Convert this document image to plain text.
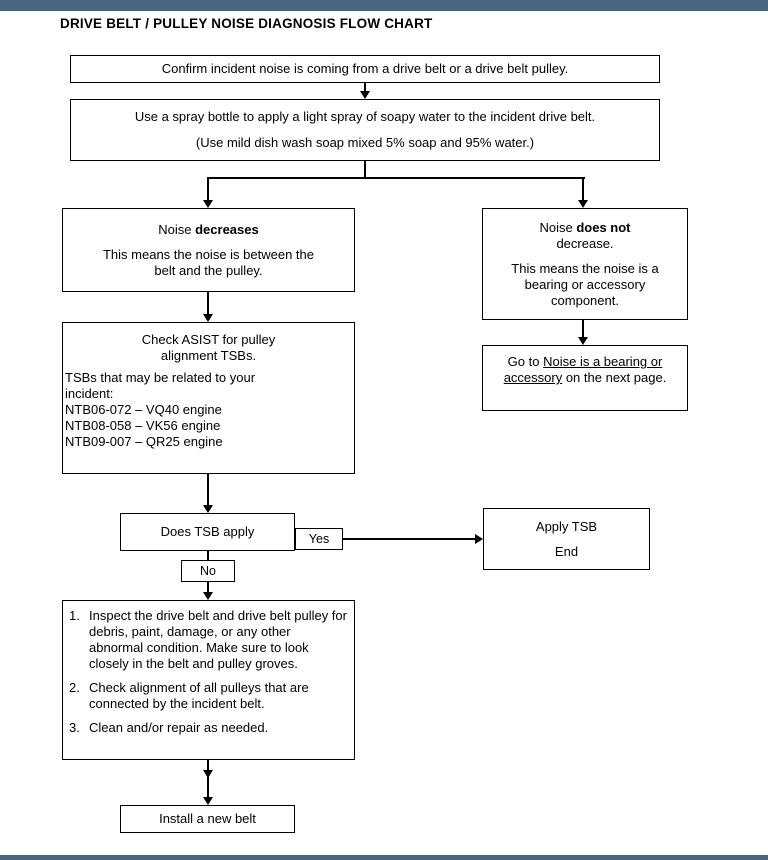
DRIVE BELT / PULLEY NOISE DIAGNOSIS FLOW CHART
Confirm incident noise is coming from a drive belt or a drive belt pulley.
Use a spray bottle to apply a light spray of soapy water to the incident drive belt.
(Use mild dish wash soap mixed 5% soap and 95% water.)
Noise decreases
This means the noise is between the
belt and the pulley.
Noise does not
decrease.
This means the noise is a
bearing or accessory
component.
Check ASIST for pulley
alignment TSBs.
TSBs that may be related to your
incident:
NTB06-072 – VQ40 engine
NTB08-058 – VK56 engine
NTB09-007 – QR25 engine
Go to Noise is a bearing or accessory on the next page.
Does TSB apply	Yes
Apply TSB
End
No
1. Inspect the drive belt and drive belt pulley for debris, paint, damage, or any other abnormal condition. Make sure to look closely in the belt and pulley groves.
2. Check alignment of all pulleys that are connected by the incident belt.
3. Clean and/or repair as needed.
Install a new belt
